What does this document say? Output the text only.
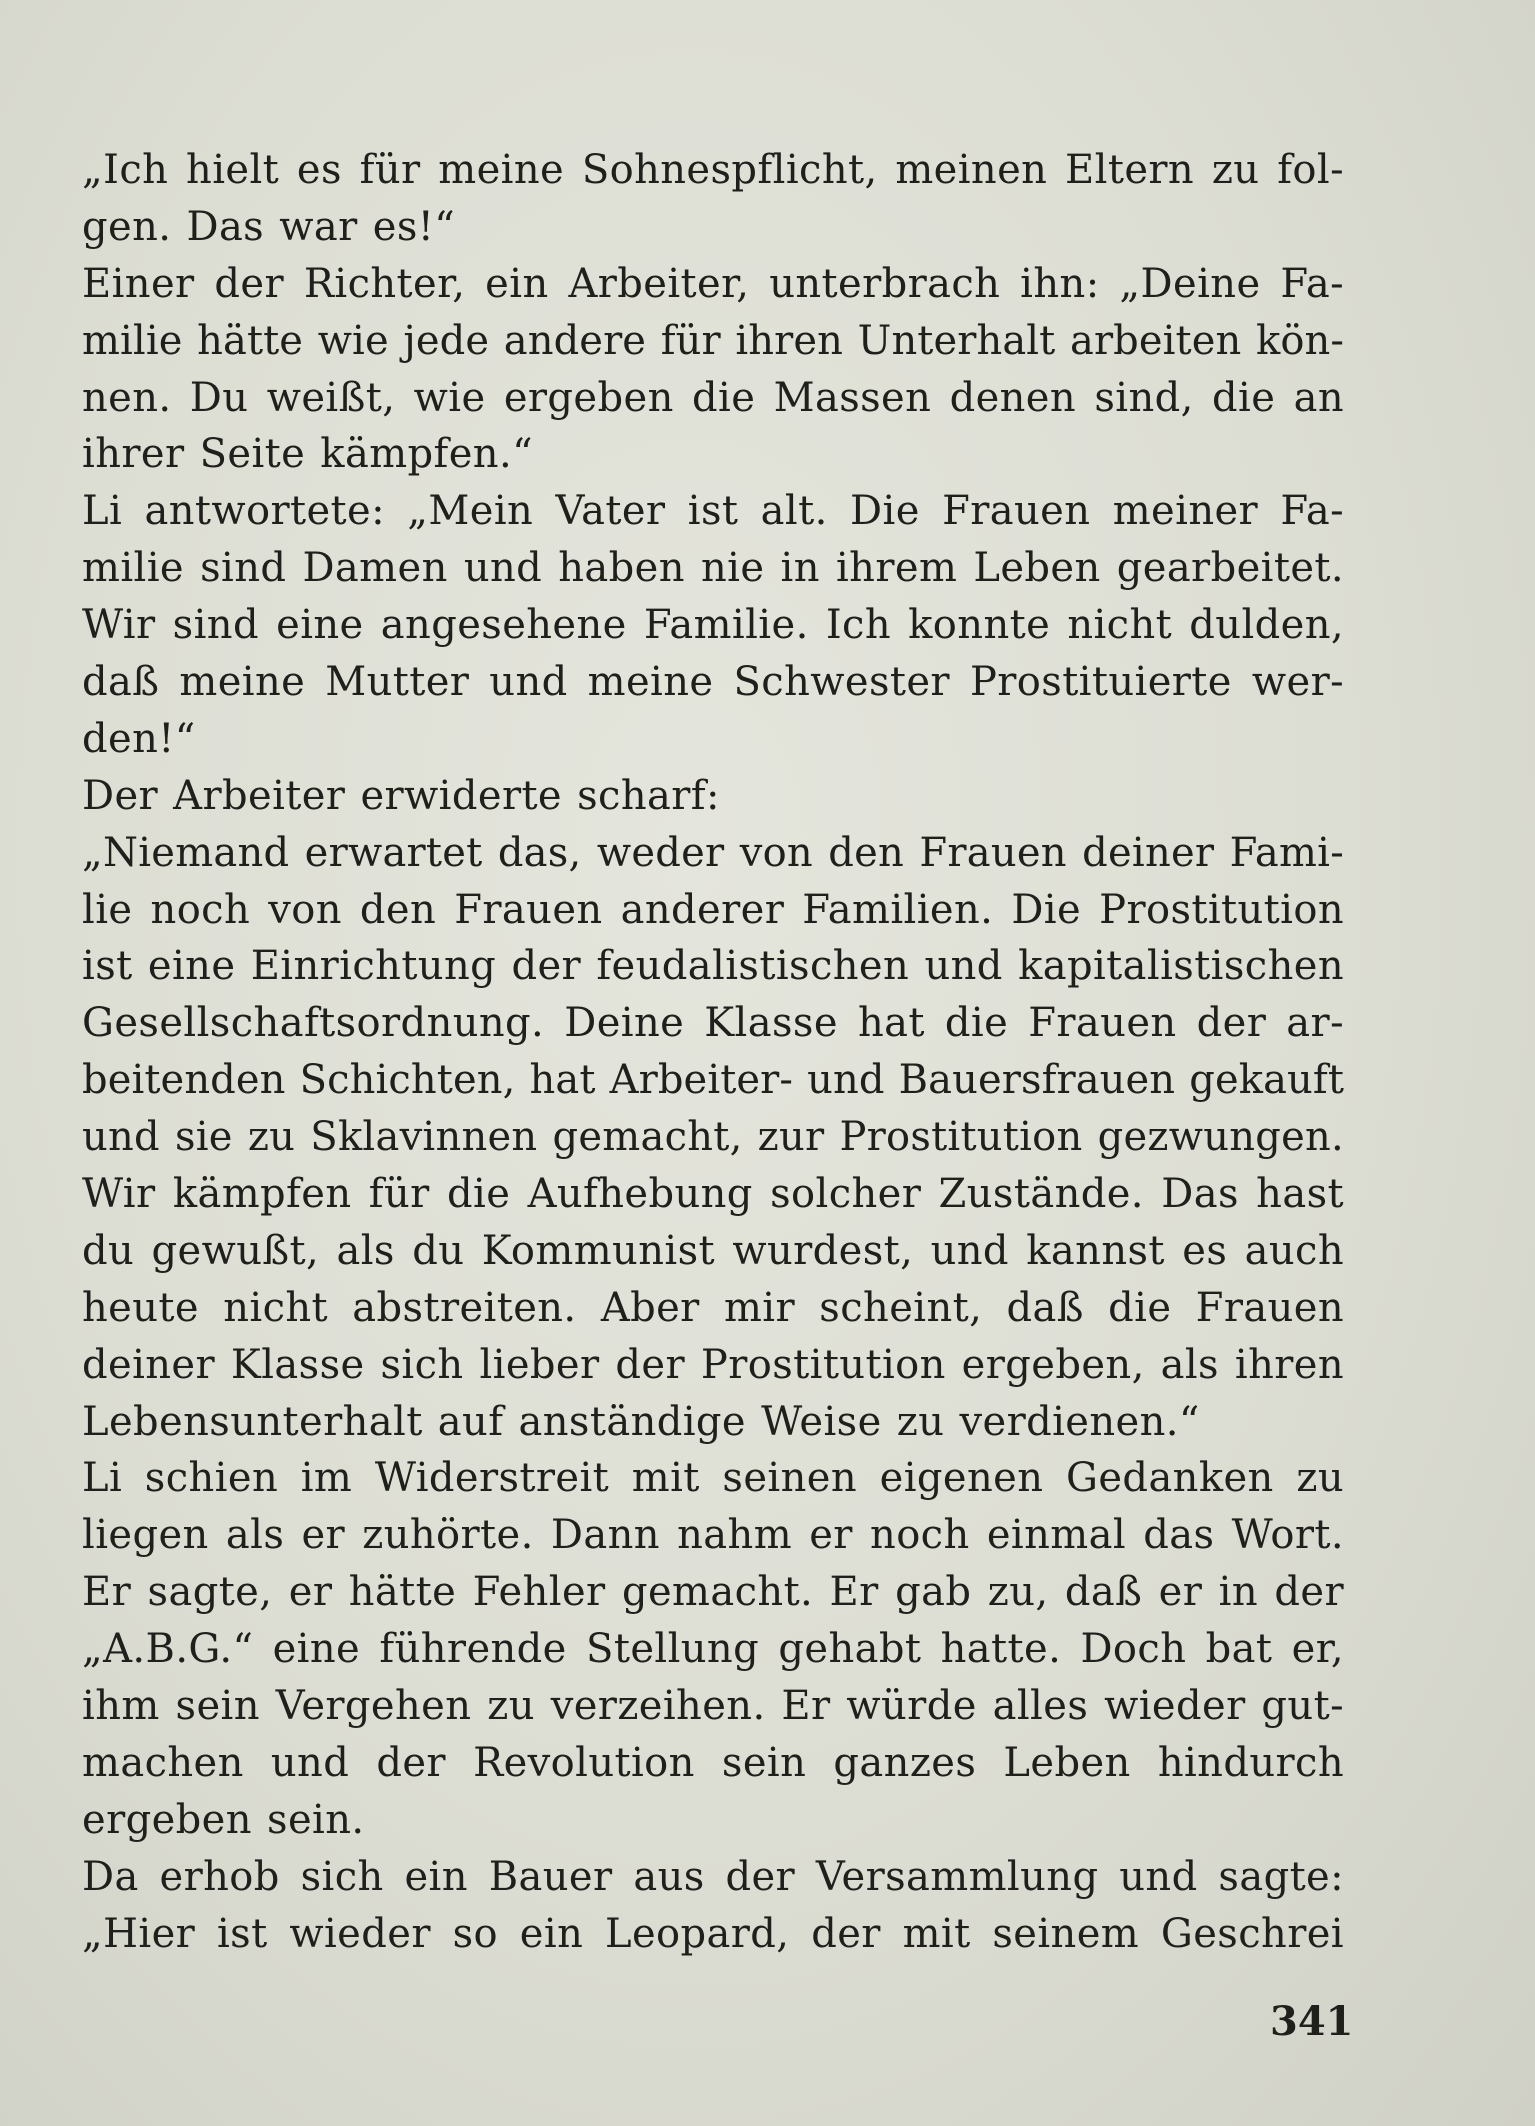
„Ich hielt es für meine Sohnespflicht, meinen Eltern zu fol-
gen. Das war es!“
Einer der Richter, ein Arbeiter, unterbrach ihn: „Deine Fa-
milie hätte wie jede andere für ihren Unterhalt arbeiten kön-
nen. Du weißt, wie ergeben die Massen denen sind, die an
ihrer Seite kämpfen.“
Li antwortete: „Mein Vater ist alt. Die Frauen meiner Fa-
milie sind Damen und haben nie in ihrem Leben gearbeitet.
Wir sind eine angesehene Familie. Ich konnte nicht dulden,
daß meine Mutter und meine Schwester Prostituierte wer-
den!“
Der Arbeiter erwiderte scharf:
„Niemand erwartet das, weder von den Frauen deiner Fami-
lie noch von den Frauen anderer Familien. Die Prostitution
ist eine Einrichtung der feudalistischen und kapitalistischen
Gesellschaftsordnung. Deine Klasse hat die Frauen der ar-
beitenden Schichten, hat Arbeiter- und Bauersfrauen gekauft
und sie zu Sklavinnen gemacht, zur Prostitution gezwungen.
Wir kämpfen für die Aufhebung solcher Zustände. Das hast
du gewußt, als du Kommunist wurdest, und kannst es auch
heute nicht abstreiten. Aber mir scheint, daß die Frauen
deiner Klasse sich lieber der Prostitution ergeben, als ihren
Lebensunterhalt auf anständige Weise zu verdienen.“
Li schien im Widerstreit mit seinen eigenen Gedanken zu
liegen als er zuhörte. Dann nahm er noch einmal das Wort.
Er sagte, er hätte Fehler gemacht. Er gab zu, daß er in der
„A.B.G.“ eine führende Stellung gehabt hatte. Doch bat er,
ihm sein Vergehen zu verzeihen. Er würde alles wieder gut-
machen und der Revolution sein ganzes Leben hindurch
ergeben sein.
Da erhob sich ein Bauer aus der Versammlung und sagte:
„Hier ist wieder so ein Leopard, der mit seinem Geschrei
341
